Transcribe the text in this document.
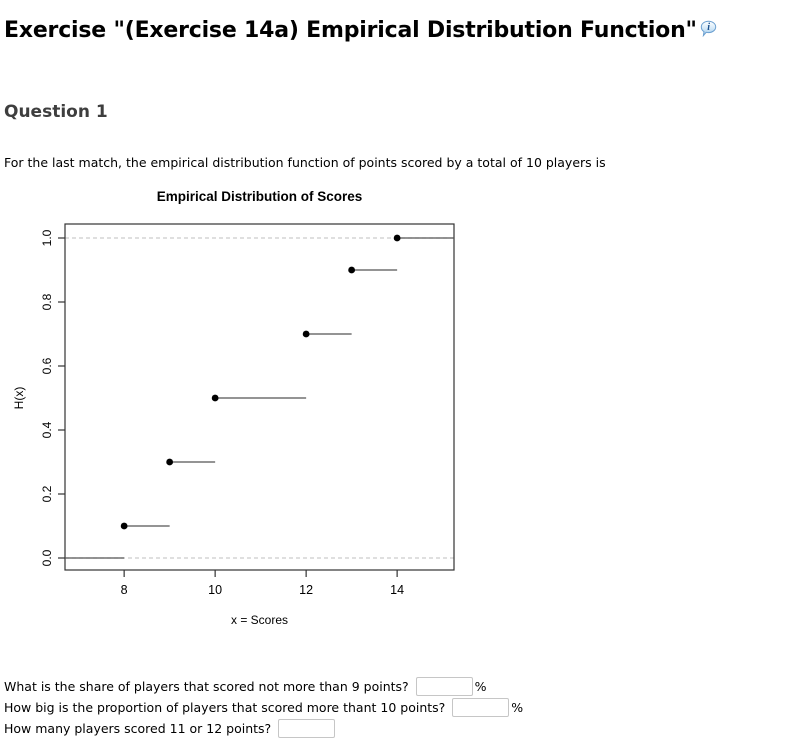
Exercise "(Exercise 14a) Empirical Distribution Function" i
Question 1

For the last match, the empirical distribution function of points scored by a total of 10 players is

0.0
0.2
0.4
0.6
0.8
1.0
8	10	12	14
Empirical Distribution of Scores
x = Scores
H(x)
What is the share of players that scored not more than 9 points?	%
How big is the proportion of players that scored more thant 10 points?	%
How many players scored 11 or 12 points?
